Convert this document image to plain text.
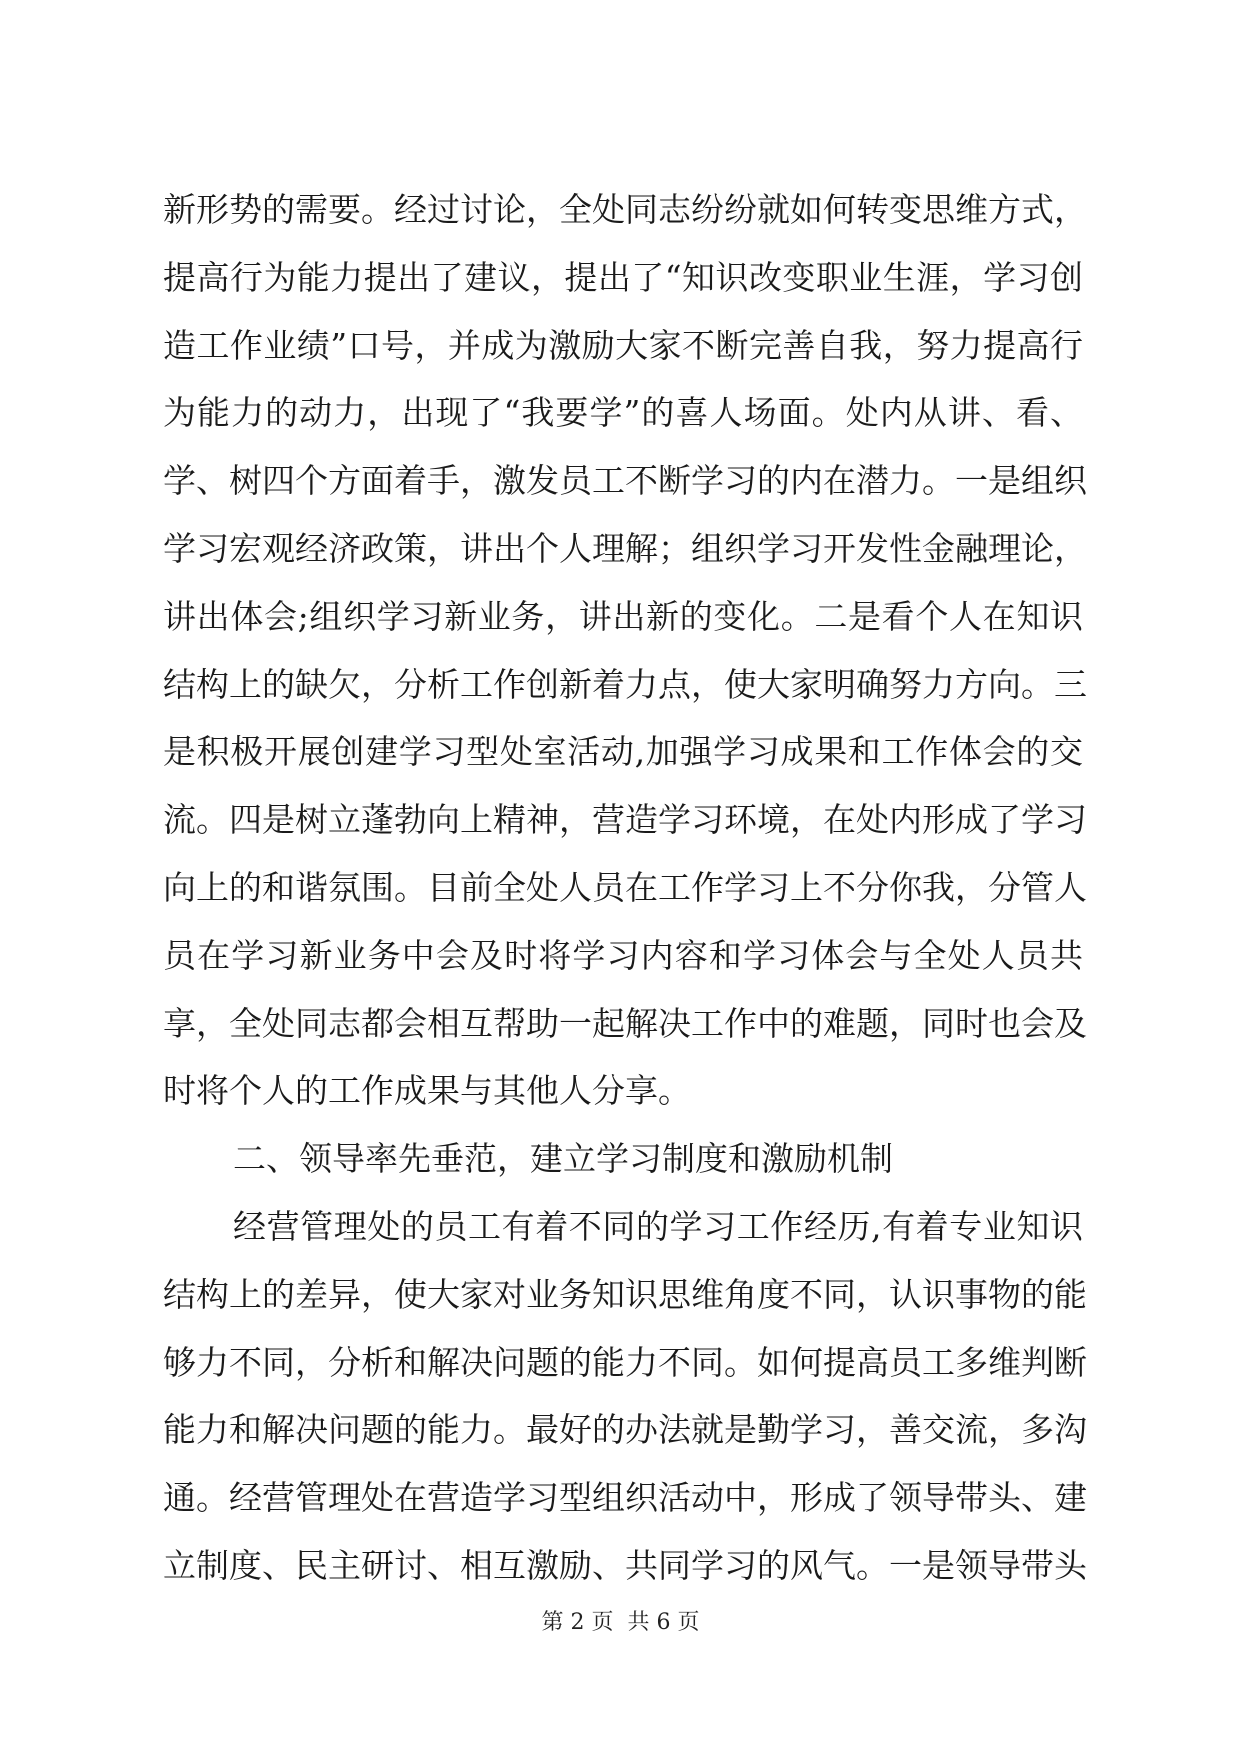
新形势的需要。经过讨论，全处同志纷纷就如何转变思维方式，
提高行为能力提出了建议，提出了“知识改变职业生涯，学习创
造工作业绩”口号，并成为激励大家不断完善自我，努力提高行
为能力的动力，出现了“我要学”的喜人场面。处内从讲、看、
学、树四个方面着手，激发员工不断学习的内在潜力。一是组织
学习宏观经济政策，讲出个人理解；组织学习开发性金融理论，
讲出体会;组织学习新业务，讲出新的变化。二是看个人在知识
结构上的缺欠，分析工作创新着力点，使大家明确努力方向。三
是积极开展创建学习型处室活动,加强学习成果和工作体会的交
流。四是树立蓬勃向上精神，营造学习环境，在处内形成了学习
向上的和谐氛围。目前全处人员在工作学习上不分你我，分管人
员在学习新业务中会及时将学习内容和学习体会与全处人员共
享，全处同志都会相互帮助一起解决工作中的难题，同时也会及
时将个人的工作成果与其他人分享。
二、领导率先垂范，建立学习制度和激励机制
经营管理处的员工有着不同的学习工作经历,有着专业知识
结构上的差异，使大家对业务知识思维角度不同，认识事物的能
够力不同，分析和解决问题的能力不同。如何提高员工多维判断
能力和解决问题的能力。最好的办法就是勤学习，善交流，多沟
通。经营管理处在营造学习型组织活动中，形成了领导带头、建
立制度、民主研讨、相互激励、共同学习的风气。一是领导带头
第 2 页  共 6 页
